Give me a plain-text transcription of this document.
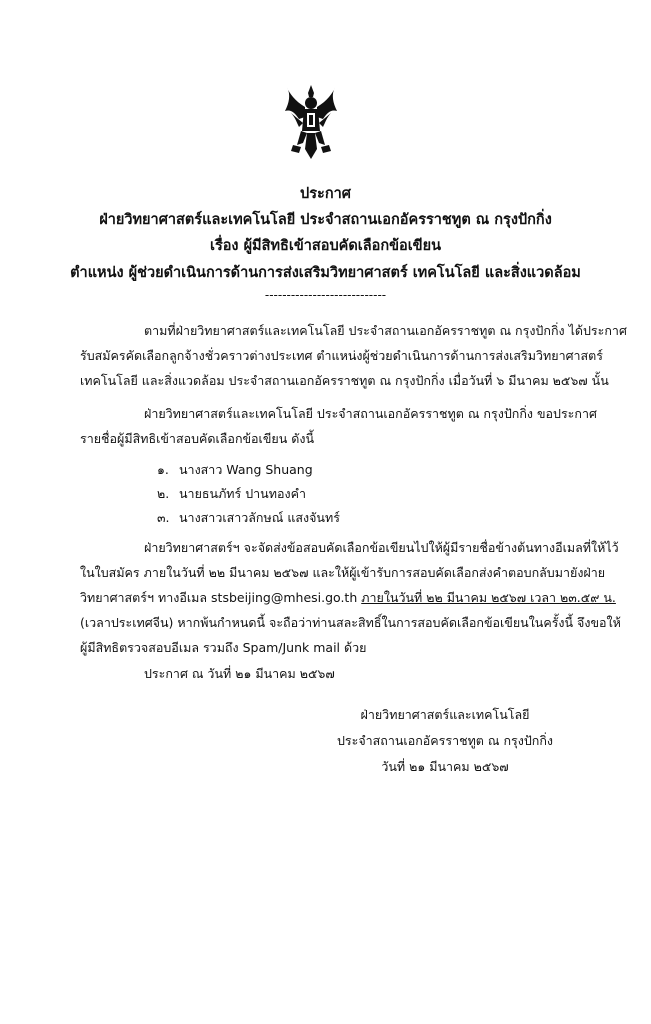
ประกาศ
ฝ่ายวิทยาศาสตร์และเทคโนโลยี ประจำสถานเอกอัครราชทูต ณ กรุงปักกิ่ง
เรื่อง ผู้มีสิทธิเข้าสอบคัดเลือกข้อเขียน
ตำแหน่ง ผู้ช่วยดำเนินการด้านการส่งเสริมวิทยาศาสตร์ เทคโนโลยี และสิ่งแวดล้อม
----------------------------

ตามที่ฝ่ายวิทยาศาสตร์และเทคโนโลยี ประจำสถานเอกอัครราชทูต ณ กรุงปักกิ่ง ได้ประกาศ

รับสมัครคัดเลือกลูกจ้างชั่วคราวต่างประเทศ ตำแหน่งผู้ช่วยดำเนินการด้านการส่งเสริมวิทยาศาสตร์

เทคโนโลยี และสิ่งแวดล้อม ประจำสถานเอกอัครราชทูต ณ กรุงปักกิ่ง เมื่อวันที่ ๖ มีนาคม ๒๕๖๗ นั้น

ฝ่ายวิทยาศาสตร์และเทคโนโลยี ประจำสถานเอกอัครราชทูต ณ กรุงปักกิ่ง ขอประกาศ

รายชื่อผู้มีสิทธิเข้าสอบคัดเลือกข้อเขียน ดังนี้

๑. นางสาว Wang Shuang
๒. นายธนภัทร์ ปานทองคำ
๓. นางสาวเสาวลักษณ์ แสงจันทร์

ฝ่ายวิทยาศาสตร์ฯ จะจัดส่งข้อสอบคัดเลือกข้อเขียนไปให้ผู้มีรายชื่อข้างต้นทางอีเมลที่ให้ไว้

ในใบสมัคร ภายในวันที่ ๒๒ มีนาคม ๒๕๖๗ และให้ผู้เข้ารับการสอบคัดเลือกส่งคำตอบกลับมายังฝ่าย

วิทยาศาสตร์ฯ ทางอีเมล stsbeijing@mhesi.go.th ภายในวันที่ ๒๒ มีนาคม ๒๕๖๗ เวลา ๒๓.๕๙ น.

(เวลาประเทศจีน) หากพ้นกำหนดนี้ จะถือว่าท่านสละสิทธิ์ในการสอบคัดเลือกข้อเขียนในครั้งนี้ จึงขอให้

ผู้มีสิทธิตรวจสอบอีเมล รวมถึง Spam/Junk mail ด้วย

ประกาศ ณ วันที่ ๒๑ มีนาคม ๒๕๖๗
ฝ่ายวิทยาศาสตร์และเทคโนโลยี
ประจำสถานเอกอัครราชทูต ณ กรุงปักกิ่ง
วันที่ ๒๑ มีนาคม ๒๕๖๗
